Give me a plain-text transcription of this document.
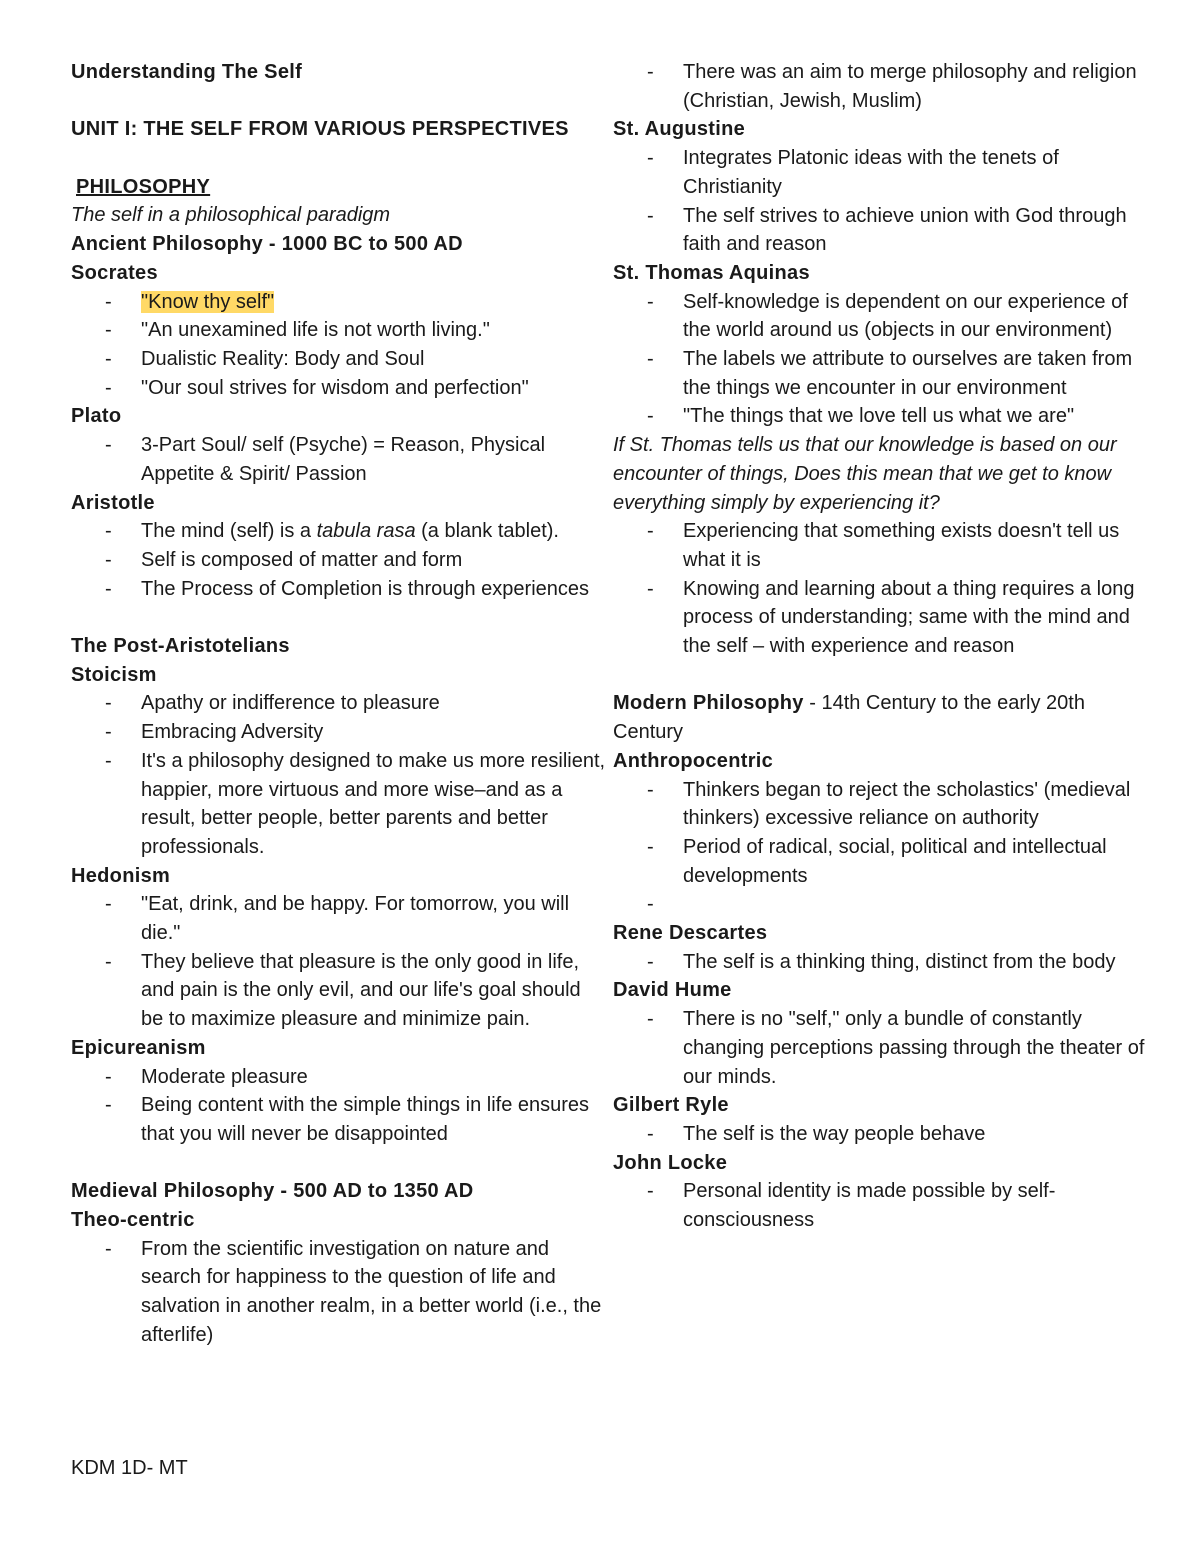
Understanding The Self

UNIT I: THE SELF FROM VARIOUS PERSPECTIVES

PHILOSOPHY

The self in a philosophical paradigm

Ancient Philosophy - 1000 BC to 500 AD

Socrates

- "Know thy self"
- "An unexamined life is not worth living."
- Dualistic Reality: Body and Soul
- "Our soul strives for wisdom and perfection"

Plato

- 3-Part Soul/ self (Psyche) = Reason, Physical Appetite & Spirit/ Passion

Aristotle

- The mind (self) is a tabula rasa (a blank tablet).
- Self is composed of matter and form
- The Process of Completion is through experiences

The Post-Aristotelians

Stoicism

- Apathy or indifference to pleasure
- Embracing Adversity
- It's a philosophy designed to make us more resilient, happier, more virtuous and more wise–and as a result, better people, better parents and better professionals.

Hedonism

- "Eat, drink, and be happy. For tomorrow, you will die."
- They believe that pleasure is the only good in life, and pain is the only evil, and our life's goal should be to maximize pleasure and minimize pain.

Epicureanism

- Moderate pleasure
- Being content with the simple things in life ensures that you will never be disappointed

Medieval Philosophy - 500 AD to 1350 AD

Theo-centric

- From the scientific investigation on nature and search for happiness to the question of life and salvation in another realm, in a better world (i.e., the afterlife)
- There was an aim to merge philosophy and religion (Christian, Jewish, Muslim)

St. Augustine

- Integrates Platonic ideas with the tenets of Christianity
- The self strives to achieve union with God through faith and reason

St. Thomas Aquinas

- Self-knowledge is dependent on our experience of the world around us (objects in our environment)
- The labels we attribute to ourselves are taken from the things we encounter in our environment
- "The things that we love tell us what we are"

If St. Thomas tells us that our knowledge is based on our encounter of things, Does this mean that we get to know everything simply by experiencing it?

- Experiencing that something exists doesn't tell us what it is
- Knowing and learning about a thing requires a long process of understanding; same with the mind and the self – with experience and reason

Modern Philosophy - 14th Century to the early 20th Century

Anthropocentric

- Thinkers began to reject the scholastics' (medieval thinkers) excessive reliance on authority
- Period of radical, social, political and intellectual developments
-

Rene Descartes

- The self is a thinking thing, distinct from the body

David Hume

- There is no "self," only a bundle of constantly changing perceptions passing through the theater of our minds.

Gilbert Ryle

- The self is the way people behave

John Locke

- Personal identity is made possible by self-consciousness
KDM 1D- MT
